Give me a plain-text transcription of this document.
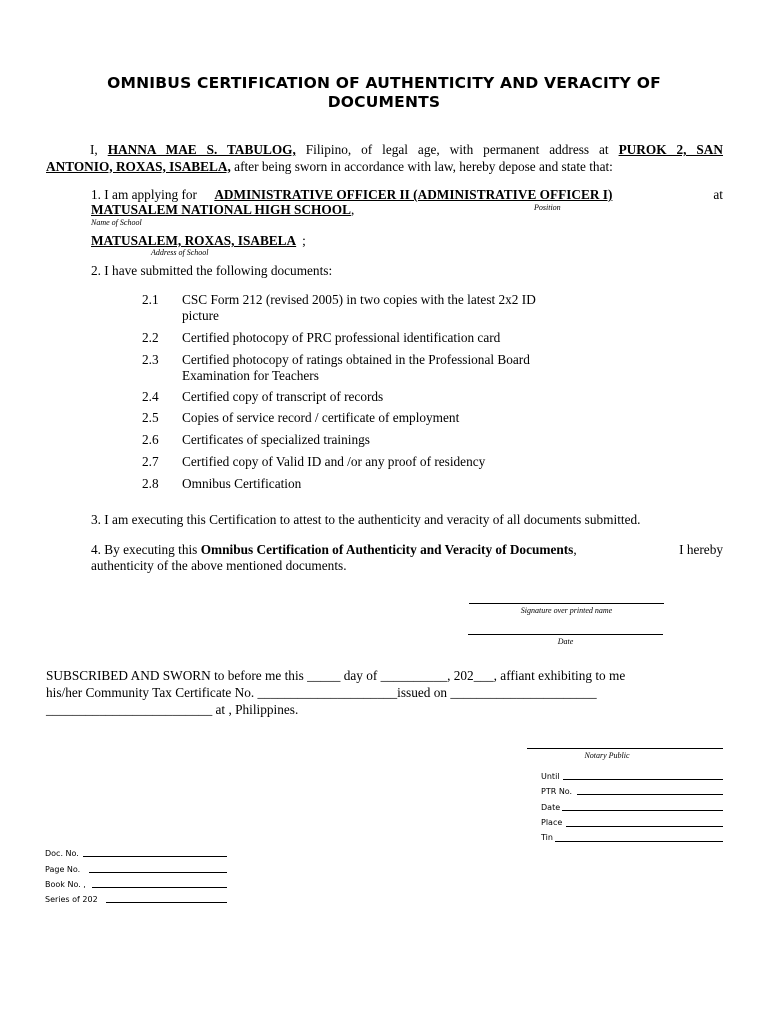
OMNIBUS CERTIFICATION OF AUTHENTICITY AND VERACITY OF
DOCUMENTS
I, HANNA MAE S. TABULOG, Filipino, of legal age, with permanent address at PUROK 2, SAN
ANTONIO, ROXAS, ISABELA, after being sworn in accordance with law, hereby depose and state that:
1. I am applying for ADMINISTRATIVE OFFICER II (ADMINISTRATIVE OFFICER I)	at
Position
MATUSALEM NATIONAL HIGH SCHOOL,
Name of School
MATUSALEM, ROXAS, ISABELA ;
Address of School
2. I have submitted the following documents:
2.1 CSC Form 212 (revised 2005) in two copies with the latest 2x2 ID
picture
2.2 Certified photocopy of PRC professional identification card
2.3 Certified photocopy of ratings obtained in the Professional Board
Examination for Teachers
2.4 Certified copy of transcript of records
2.5 Copies of service record / certificate of employment
2.6 Certificates of specialized trainings
2.7 Certified copy of Valid ID and /or any proof of residency
2.8 Omnibus Certification
3. I am executing this Certification to attest to the authenticity and veracity of all documents submitted.
4. By executing this Omnibus Certification of Authenticity and Veracity of Documents,	I hereby
authenticity of the above mentioned documents.
Signature over printed name
Date
SUBSCRIBED AND SWORN to before me this _____ day of __________, 202___, affiant exhibiting to me
his/her Community Tax Certificate No. _____________________issued on ______________________
_________________________ at , Philippines.
Notary Public
Until
PTR No.
Date
Place
Tin
Doc. No.
Page No.
Book No. ,
Series of 202
